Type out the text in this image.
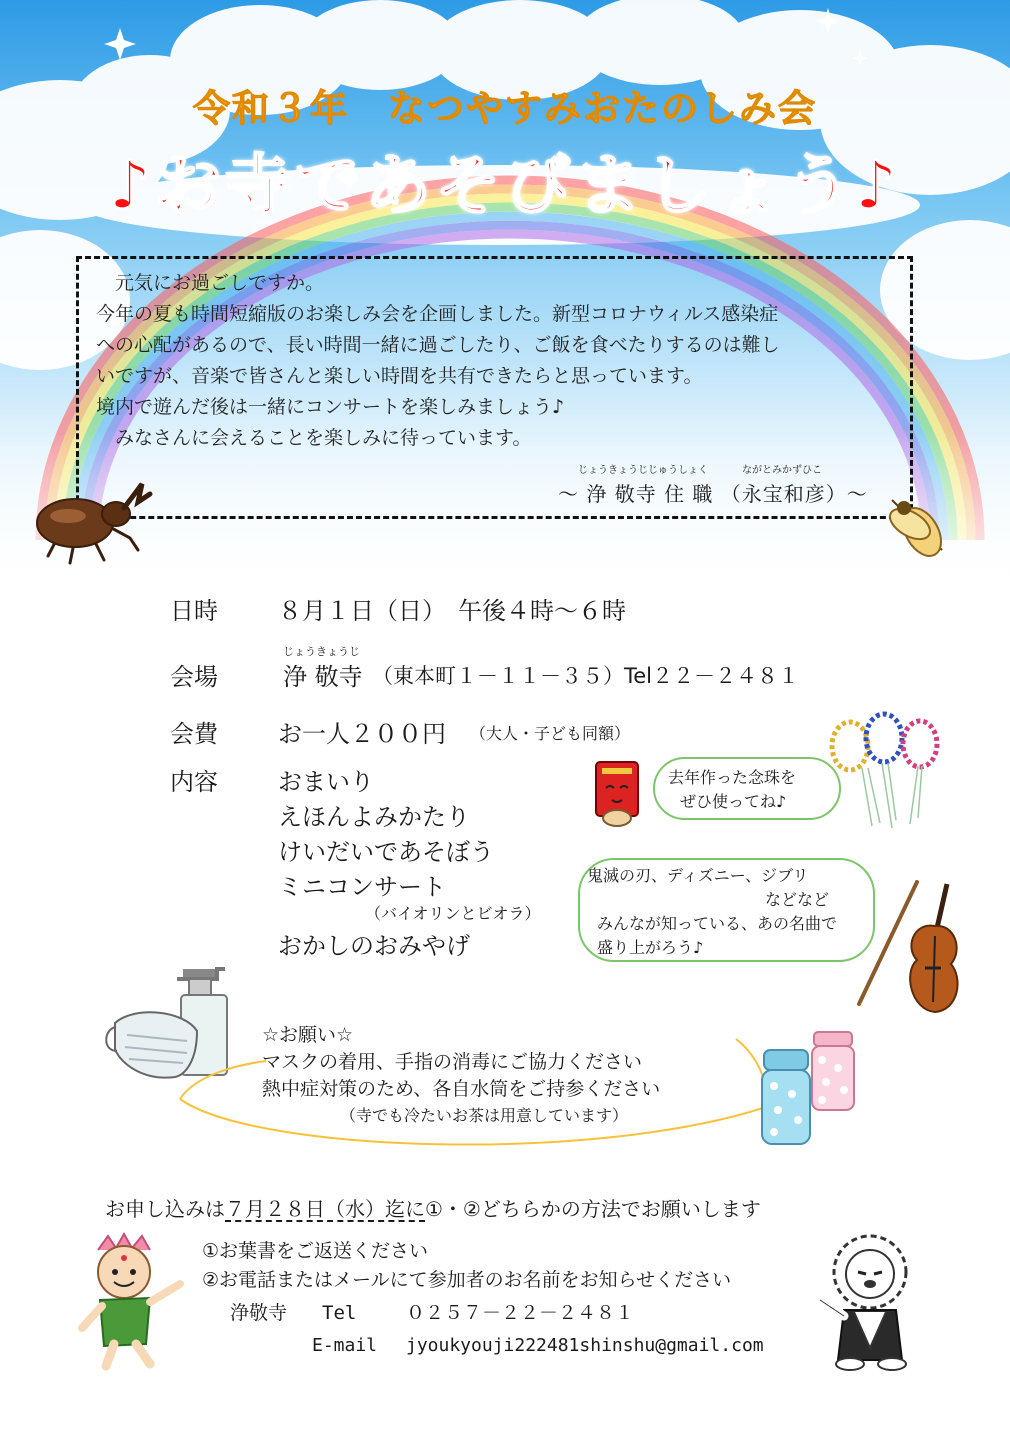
令和３年　なつやすみおたのしみ会
♪お寺であそびましょう♪
　元気にお過ごしですか。
今年の夏も時間短縮版のお楽しみ会を企画しました。新型コロナウィルス感染症
への心配があるので、長い時間一緒に過ごしたり、ご飯を食べたりするのは難し
いですが、音楽で皆さんと楽しい時間を共有できたらと思っています。
境内で遊んだ後は一緒にコンサートを楽しみましょう♪
　みなさんに会えることを楽しみに待っています。
じょうきょうじじゅうしょく	ながとみかずひこ
～ 浄 敬寺 住 職 （永宝和彦）～
日時	８月１日（日）　午後４時～６時
じょうきょうじ
会場	浄 敬寺 （東本町１－１１－３５）Tel２２－２４８１
会費	お一人２００円 （大人・子ども同額）
内容	おまいり
えほんよみかたり
けいだいであそぼう
ミニコンサート
（バイオリンとビオラ）
おかしのおみやげ
去年作った念珠を
ぜひ使ってね♪
鬼滅の刃、ディズニー、ジブリ
などなど
みんなが知っている、あの名曲で
盛り上がろう♪
☆お願い☆
マスクの着用、手指の消毒にご協力ください
熱中症対策のため、各自水筒をご持参ください
（寺でも冷たいお茶は用意しています）
お申し込みは７月２８日（水）迄に①・②どちらかの方法でお願いします
①お葉書をご返送ください
②お電話またはメールにて参加者のお名前をお知らせください
浄敬寺 Tel	０２５７－２２－２４８１
E-mail jyoukyouji222481shinshu@gmail.com
